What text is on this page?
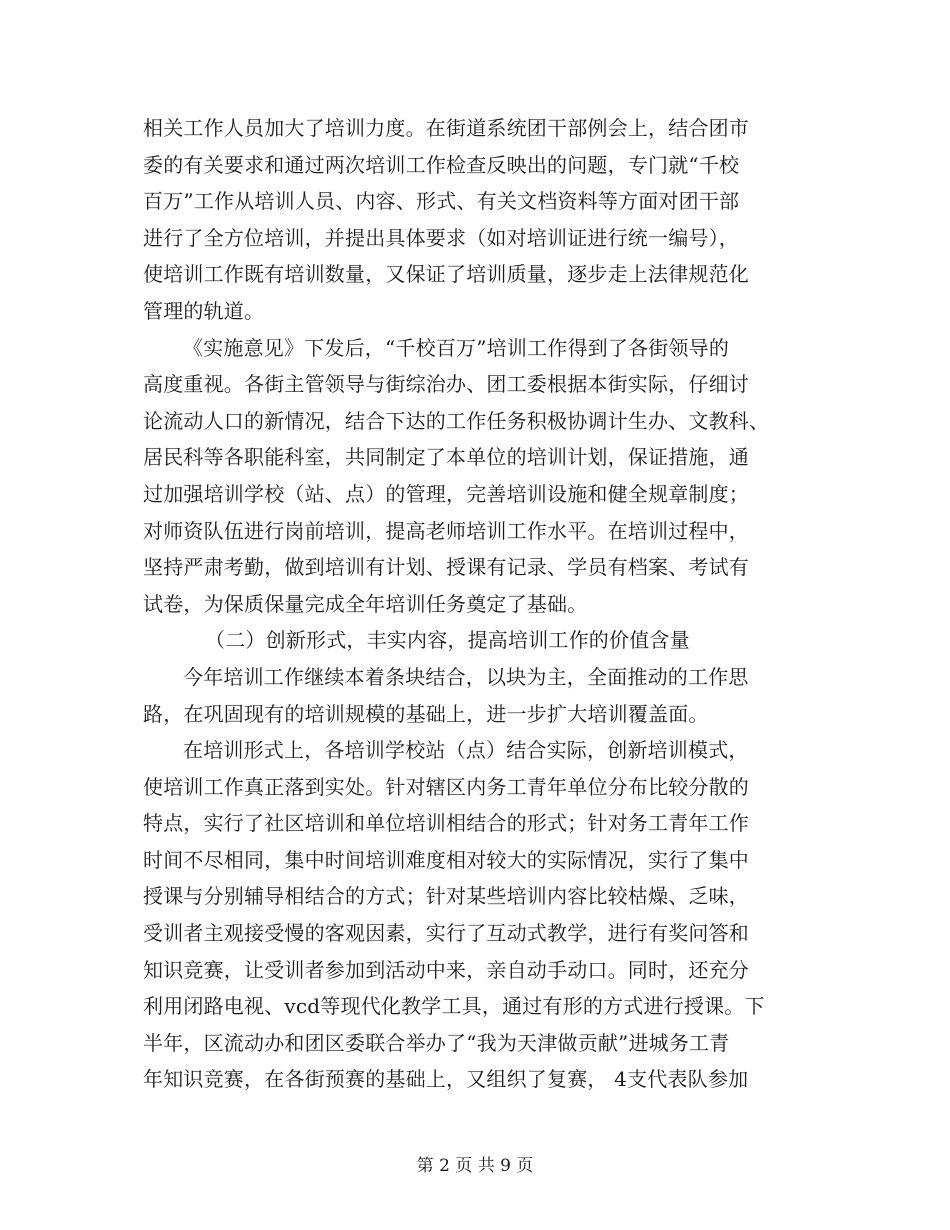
相关工作人员加大了培训力度。在街道系统团干部例会上，结合团市
委的有关要求和通过两次培训工作检查反映出的问题，专门就“千校
百万”工作从培训人员、内容、形式、有关文档资料等方面对团干部
进行了全方位培训，并提出具体要求（如对培训证进行统一编号），
使培训工作既有培训数量，又保证了培训质量，逐步走上法律规范化
管理的轨道。
《实施意见》下发后，“千校百万”培训工作得到了各街领导的
高度重视。各街主管领导与街综治办、团工委根据本街实际，仔细讨
论流动人口的新情况，结合下达的工作任务积极协调计生办、文教科、
居民科等各职能科室，共同制定了本单位的培训计划，保证措施，通
过加强培训学校（站、点）的管理，完善培训设施和健全规章制度；
对师资队伍进行岗前培训，提高老师培训工作水平。在培训过程中，
坚持严肃考勤，做到培训有计划、授课有记录、学员有档案、考试有
试卷，为保质保量完成全年培训任务奠定了基础。
（二）创新形式，丰实内容，提高培训工作的价值含量
今年培训工作继续本着条块结合，以块为主，全面推动的工作思
路，在巩固现有的培训规模的基础上，进一步扩大培训覆盖面。
在培训形式上，各培训学校站（点）结合实际，创新培训模式，
使培训工作真正落到实处。针对辖区内务工青年单位分布比较分散的
特点，实行了社区培训和单位培训相结合的形式；针对务工青年工作
时间不尽相同，集中时间培训难度相对较大的实际情况，实行了集中
授课与分别辅导相结合的方式；针对某些培训内容比较枯燥、乏味，
受训者主观接受慢的客观因素，实行了互动式教学，进行有奖问答和
知识竞赛，让受训者参加到活动中来，亲自动手动口。同时，还充分
利用闭路电视、vcd等现代化教学工具，通过有形的方式进行授课。下
半年，区流动办和团区委联合举办了“我为天津做贡献”进城务工青
年知识竞赛，在各街预赛的基础上，又组织了复赛， 4支代表队参加
第 2 页 共 9 页
